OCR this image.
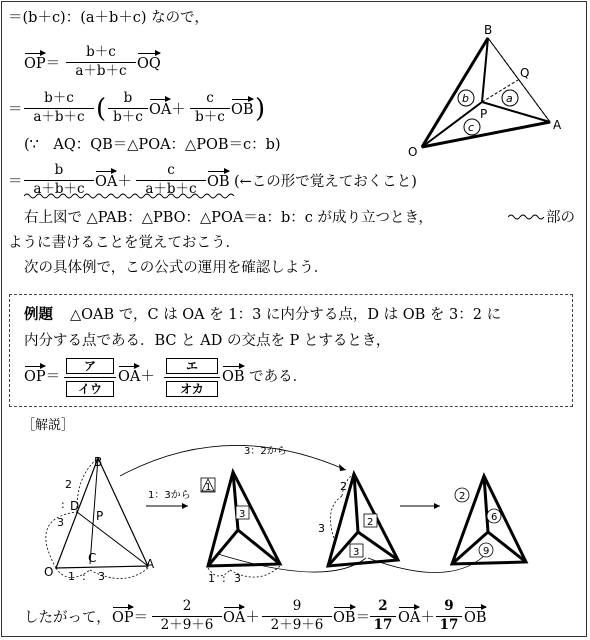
＝(b＋c)：(a＋b＋c) なので，
$OP= \frac{b+c}{a+b+c}$ OQ
＝ $\frac{b+c}{a+b+c}$ ( $\frac{b}{b+c} OA+ \frac{c}{b+c}$ OB )
(∵　AQ：QB＝△POA：△POB＝c：b)
＝ $\frac{b}{a+b+c} OA+ \frac{c}{a+b+c}$ OB (←この形で覚えておくこと)
右上図で △PAB：△PBO：△POA＝a：b：c が成り立つとき，	部の
ように書けることを覚えておこう．
次の具体例で，この公式の運用を確認しよう．
B
Q
P
A
O
b	a
c
例題 △OAB で，C は OA を 1：3 に内分する点，D は OB を 3：2 に
内分する点である．BC と AD の交点を P とするとき，
OP＝
ア
イウ
OA＋
エ
オカ
OB である．
［解説］
B
D
P
C
O
A
2
:
3
1 : 3
1：3から
3：2から
1
3
1 : 3
2
3	2
3
2
6
9
したがって， $OP= \frac{2}{2+9+6} OA+ \frac{9}{2+9+6} OB= \frac{2}{17} OA+ \frac{9}{17}$ OB
